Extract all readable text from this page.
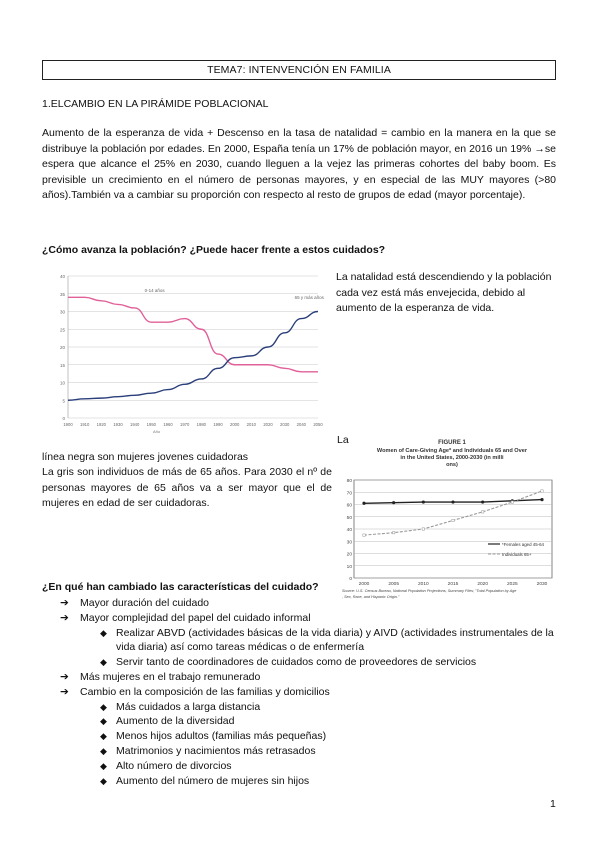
TEMA7: INTENVENCIÓN EN FAMILIA
1.ELCAMBIO EN LA PIRÁMIDE POBLACIONAL
Aumento de la esperanza de vida + Descenso en la tasa de natalidad = cambio en la manera en la que se distribuye la población por edades. En 2000, España tenía un 17% de población mayor, en 2016 un 19% →se espera que alcance el 25% en 2030, cuando lleguen a la vejez las primeras cohortes del baby boom. Es previsible un crecimiento en el número de personas mayores, y en especial de las MUY mayores (>80 años).También va a cambiar su proporción con respecto al resto de grupos de edad (mayor porcentaje).
¿Cómo avanza la población? ¿Puede hacer frente a estos cuidados?
0
5
10
15
20
25
30
35
40
1900 1910 1920 1930 1940 1950 1960 1970 1980 1990 2000 2010 2020 2030 2040 2050
Año
0-14 años
65 y más años
La natalidad está descendiendo y la población cada vez está más envejecida, debido al aumento de la esperanza de vida.
La
línea negra son mujeres jovenes cuidadoras
La gris son individuos de más de 65 años. Para 2030 el nº de personas mayores de 65 años va a ser mayor que el de mujeres en edad de ser cuidadoras.
FIGURE 1
Women of Care-Giving Age* and Individuals 65 and Over
in the United States, 2000-2030 (in milli
ons)
0
10
20
30
40
50
60
70
80
2000	2005	2010	2015	2020	2025	2030
*Females aged 45-64
Individuals 65+
Source: U.S. Census Bureau, National Population Projections, Summary Files; "Total Population by Age
, Sex, Race, and Hispanic Origin."
¿En qué han cambiado las características del cuidado?
➔ Mayor duración del cuidado
➔ Mayor complejidad del papel del cuidado informal
◆ Realizar ABVD (actividades básicas de la vida diaria) y AIVD (actividades instrumentales de la vida diaria) así como tareas médicas o de enfermería
◆ Servir tanto de coordinadores de cuidados como de proveedores de servicios
➔ Más mujeres en el trabajo remunerado
➔ Cambio en la composición de las familias y domicilios
◆ Más cuidados a larga distancia
◆ Aumento de la diversidad
◆ Menos hijos adultos (familias más pequeñas)
◆ Matrimonios y nacimientos más retrasados
◆ Alto número de divorcios
◆ Aumento del número de mujeres sin hijos
1
